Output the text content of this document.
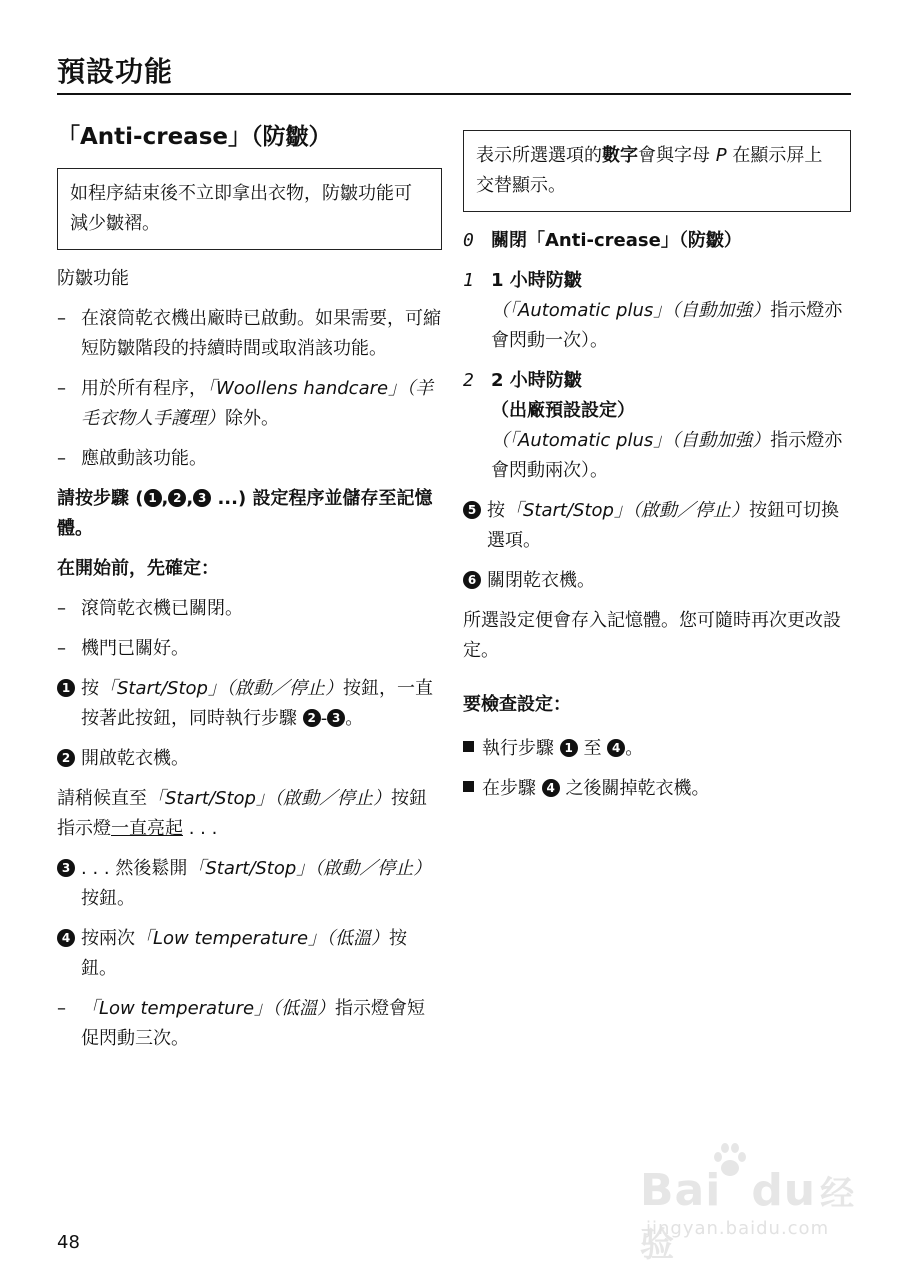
預設功能
「Anti-crease」（防皺）
如程序結束後不立即拿出衣物，防皺功能可減少皺褶。

防皺功能

– 在滾筒乾衣機出廠時已啟動。如果需要，可縮短防皺階段的持續時間或取消該功能。
– 用於所有程序，「Woollens handcare」（羊毛衣物人手護理）除外。
– 應啟動該功能。

請按步驟 ( 1 , 2 , 3 ...) 設定程序並儲存至記憶體。

在開始前，先確定：

– 滾筒乾衣機已關閉。
– 機門已關好。
1 按「Start/Stop」（啟動／停止）按鈕，一直按著此按鈕，同時執行步驟 2 - 3 。
2 開啟乾衣機。

請稍候直至「Start/Stop」（啟動／停止）按鈕指示燈一直亮起 . . .

3 . . . 然後鬆開「Start/Stop」（啟動／停止）按鈕。
4 按兩次「Low temperature」（低溫）按鈕。
– 「Low temperature」（低溫）指示燈會短促閃動三次。
表示所選選項的數字會與字母 P 在顯示屏上交替顯示。
0 關閉「Anti-crease」（防皺）
1 1 小時防皺
（「Automatic plus」（自動加強）指示燈亦會閃動一次）。
2 2 小時防皺
（出廠預設設定）
（「Automatic plus」（自動加強）指示燈亦會閃動兩次）。
5 按「Start/Stop」（啟動／停止）按鈕可切換選項。
6 關閉乾衣機。

所選設定便會存入記憶體。您可隨時再次更改設定。

要檢查設定：

執行步驟 1 至 4 。

在步驟 4 之後關掉乾衣機。

48
Bai du 经验
jingyan.baidu.com
